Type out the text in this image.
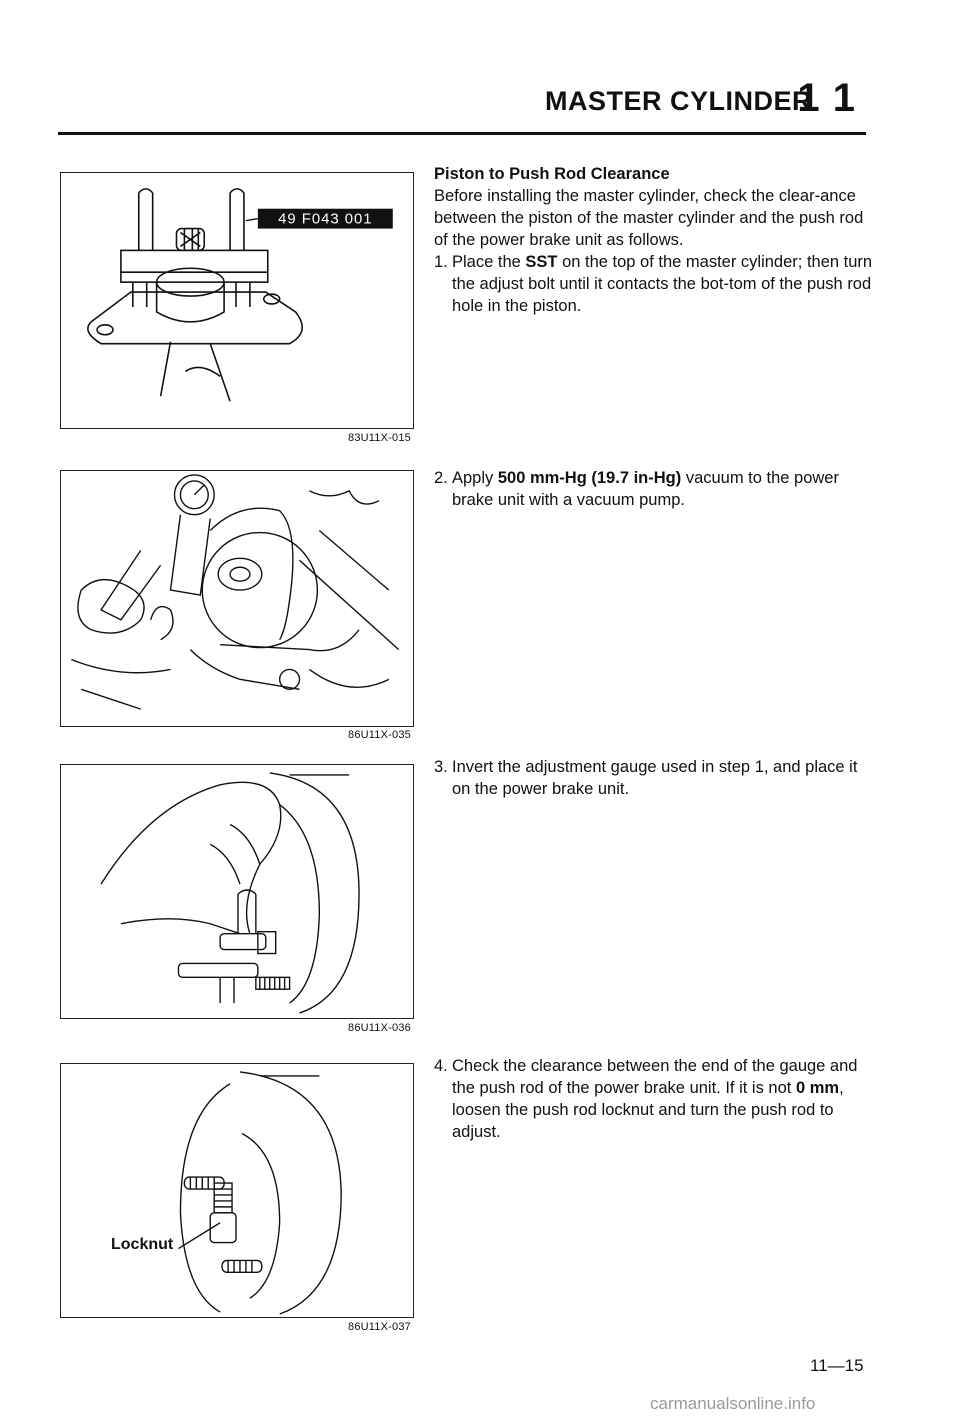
MASTER CYLINDER
1 1
49 F043 001
83U11X-015
86U11X-035
86U11X-036
Locknut
86U11X-037
Piston to Push Rod Clearance
Before installing the master cylinder, check the clear-ance between the piston of the master cylinder and the push rod of the power brake unit as follows.
1. Place the SST on the top of the master cylinder; then turn the adjust bolt until it contacts the bot-tom of the push rod hole in the piston.
2. Apply 500 mm-Hg (19.7 in-Hg) vacuum to the power brake unit with a vacuum pump.
3. Invert the adjustment gauge used in step 1, and place it on the power brake unit.
4. Check the clearance between the end of the gauge and the push rod of the power brake unit. If it is not 0 mm, loosen the push rod locknut and turn the push rod to adjust.
11—15
carmanualsonline.info
